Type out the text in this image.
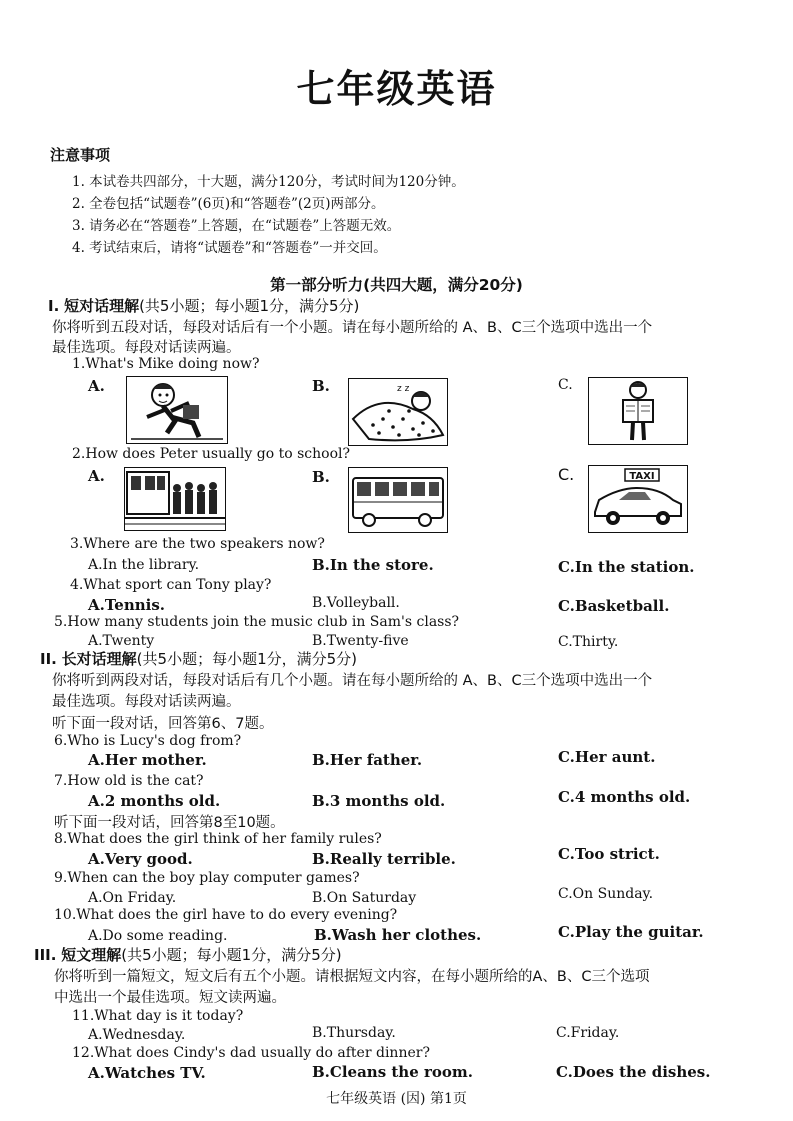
七年级英语
注意事项
1. 本试卷共四部分，十大题，满分120分，考试时间为120分钟。
2. 全卷包括“试题卷”(6页)和“答题卷”(2页)两部分。
3. 请务必在“答题卷”上答题，在“试题卷”上答题无效。
4. 考试结束后，请将“试题卷”和“答题卷”一并交回。
第一部分听力(共四大题，满分20分)
I. 短对话理解(共5小题；每小题1分，满分5分)
你将听到五段对话，每段对话后有一个小题。请在每小题所给的 A、B、C三个选项中选出一个
最佳选项。每段对话读两遍。
1.What's Mike doing now?
A.	B.	C.
z z
2.How does Peter usually go to school?
A.	B.	C.	TAXI
3.Where are the two speakers now?
A.In the library.	B.In the store.	C.In the station.
4.What sport can Tony play?
A.Tennis.	B.Volleyball.	C.Basketball.
5.How many students join the music club in Sam's class?
A.Twenty	B.Twenty-five	C.Thirty.
II. 长对话理解(共5小题；每小题1分，满分5分)
你将听到两段对话，每段对话后有几个小题。请在每小题所给的 A、B、C三个选项中选出一个
最佳选项。每段对话读两遍。
听下面一段对话，回答第6、7题。
6.Who is Lucy's dog from?
A.Her mother.	B.Her father.	C.Her aunt.
7.How old is the cat?
A.2 months old.	B.3 months old.	C.4 months old.
听下面一段对话，回答第8至10题。
8.What does the girl think of her family rules?
A.Very good.	B.Really terrible.	C.Too strict.
9.When can the boy play computer games?
A.On Friday.	B.On Saturday	C.On Sunday.
10.What does the girl have to do every evening?
A.Do some reading.	B.Wash her clothes.	C.Play the guitar.
III. 短文理解(共5小题；每小题1分，满分5分)
你将听到一篇短文，短文后有五个小题。请根据短文内容，在每小题所给的A、B、C三个选项
中选出一个最佳选项。短文读两遍。
11.What day is it today?
A.Wednesday.	B.Thursday.	C.Friday.
12.What does Cindy's dad usually do after dinner?
A.Watches TV.	B.Cleans the room.	C.Does the dishes.
七年级英语 (因) 第1页
